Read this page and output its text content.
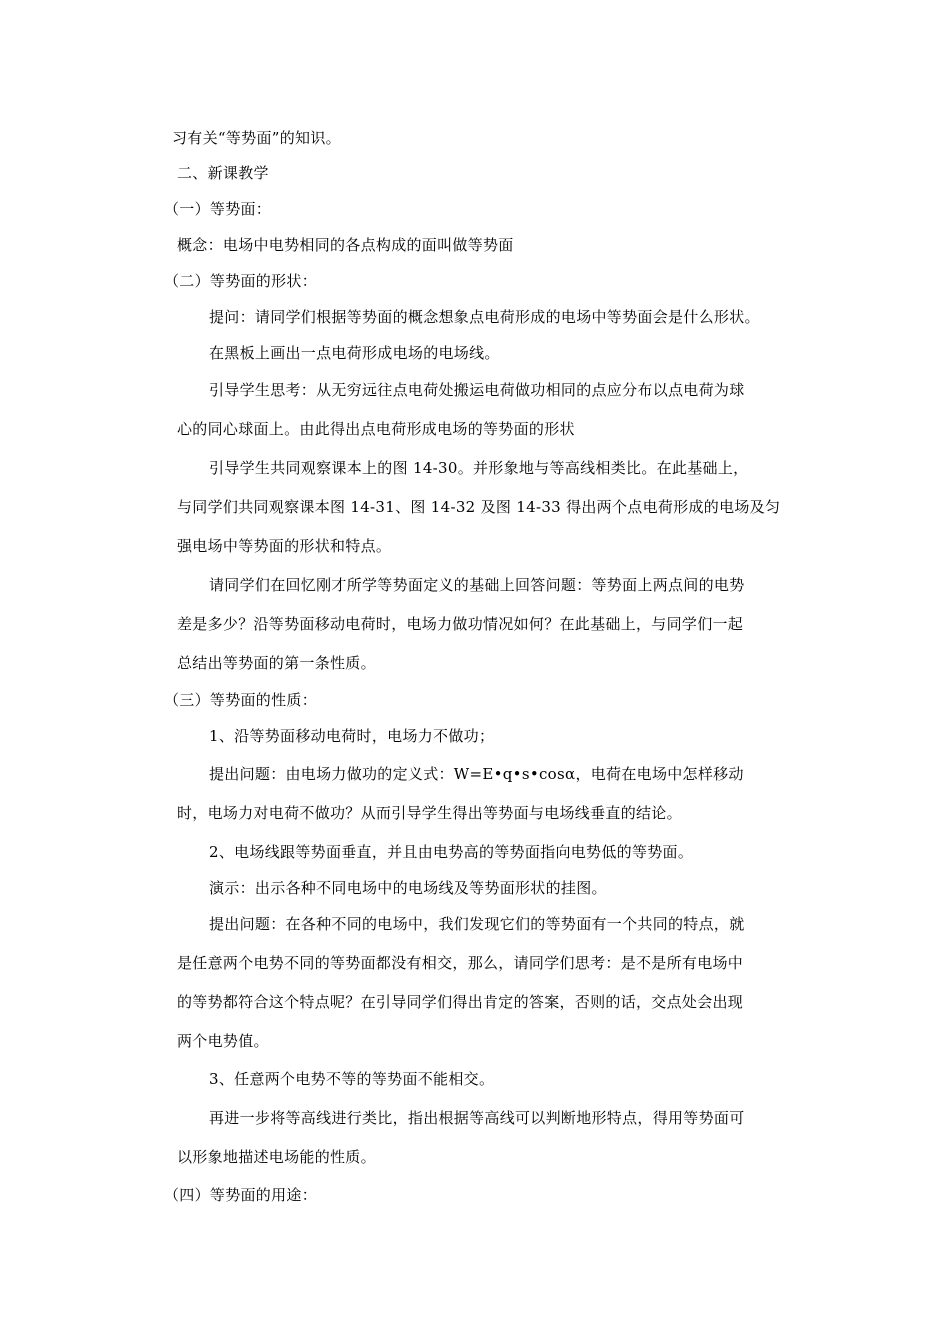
习有关“等势面”的知识。

二、新课教学

（一）等势面：

概念：电场中电势相同的各点构成的面叫做等势面

（二）等势面的形状：

提问：请同学们根据等势面的概念想象点电荷形成的电场中等势面会是什么形状。

在黑板上画出一点电荷形成电场的电场线。

引导学生思考：从无穷远往点电荷处搬运电荷做功相同的点应分布以点电荷为球

心的同心球面上。由此得出点电荷形成电场的等势面的形状

引导学生共同观察课本上的图 14-30。并形象地与等高线相类比。在此基础上，

与同学们共同观察课本图 14-31、图 14-32 及图 14-33 得出两个点电荷形成的电场及匀

强电场中等势面的形状和特点。

请同学们在回忆刚才所学等势面定义的基础上回答问题：等势面上两点间的电势

差是多少？沿等势面移动电荷时，电场力做功情况如何？在此基础上，与同学们一起

总结出等势面的第一条性质。

（三）等势面的性质：

1、沿等势面移动电荷时，电场力不做功；

提出问题：由电场力做功的定义式：W=E•q•s•cosα，电荷在电场中怎样移动

时，电场力对电荷不做功？从而引导学生得出等势面与电场线垂直的结论。

2、电场线跟等势面垂直，并且由电势高的等势面指向电势低的等势面。

演示：出示各种不同电场中的电场线及等势面形状的挂图。

提出问题：在各种不同的电场中，我们发现它们的等势面有一个共同的特点，就

是任意两个电势不同的等势面都没有相交，那么，请同学们思考：是不是所有电场中

的等势都符合这个特点呢？在引导同学们得出肯定的答案，否则的话，交点处会出现

两个电势值。

3、任意两个电势不等的等势面不能相交。

再进一步将等高线进行类比，指出根据等高线可以判断地形特点，得用等势面可

以形象地描述电场能的性质。

（四）等势面的用途：
